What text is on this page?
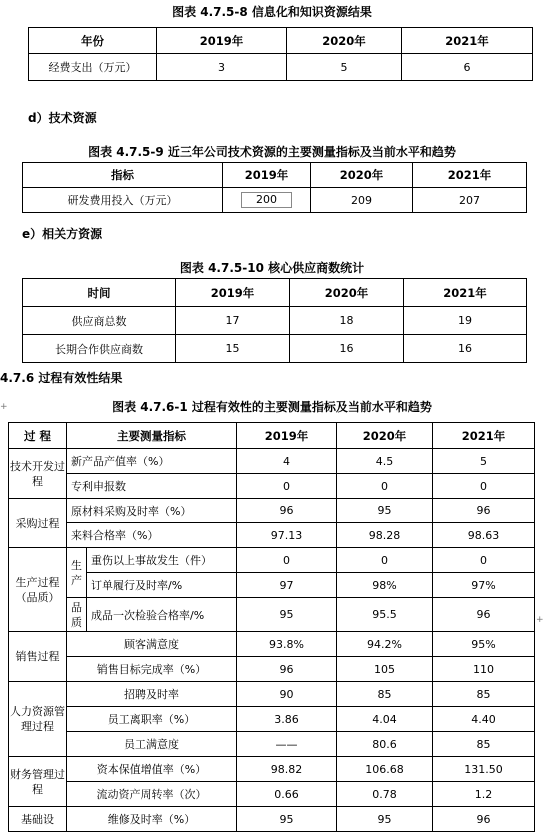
图表 4.7.5-8 信息化和知识资源结果
年份	2019年	2020年	2021年
经费支出（万元）	3	5	6
d）技术资源
图表 4.7.5-9 近三年公司技术资源的主要测量指标及当前水平和趋势
指标	2019年	2020年	2021年
研发费用投入（万元）	200	209	207
e）相关方资源
图表 4.7.5-10 核心供应商数统计
时间	2019年	2020年	2021年
供应商总数	17	18	19
长期合作供应商数	15	16	16
4.7.6 过程有效性结果
图表 4.7.6-1 过程有效性的主要测量指标及当前水平和趋势
+
+
过 程	主要测量指标		2019年	2020年	2021年
技术开发过程	新产品产值率（%）		4	4.5	5
	专利申报数		0	0	0
采购过程	原材料采购及时率（%）		96	95	96
	来料合格率（%）		97.13	98.28	98.63
生产过程（品质）	生产	重伤以上事故发生（件）	0	0	0
		订单履行及时率/%	97	98%	97%
	品质	成品一次检验合格率/%	95	95.5	96
销售过程	顾客满意度		93.8%	94.2%	95%
	销售目标完成率（%）		96	105	110
人力资源管理过程	招聘及时率		90	85	85
	员工离职率（%）		3.86	4.04	4.40
	员工满意度		——	80.6	85
财务管理过程	资本保值增值率（%）		98.82	106.68	131.50
	流动资产周转率（次）		0.66	0.78	1.2
基础设	维修及时率（%）		95	95	96
